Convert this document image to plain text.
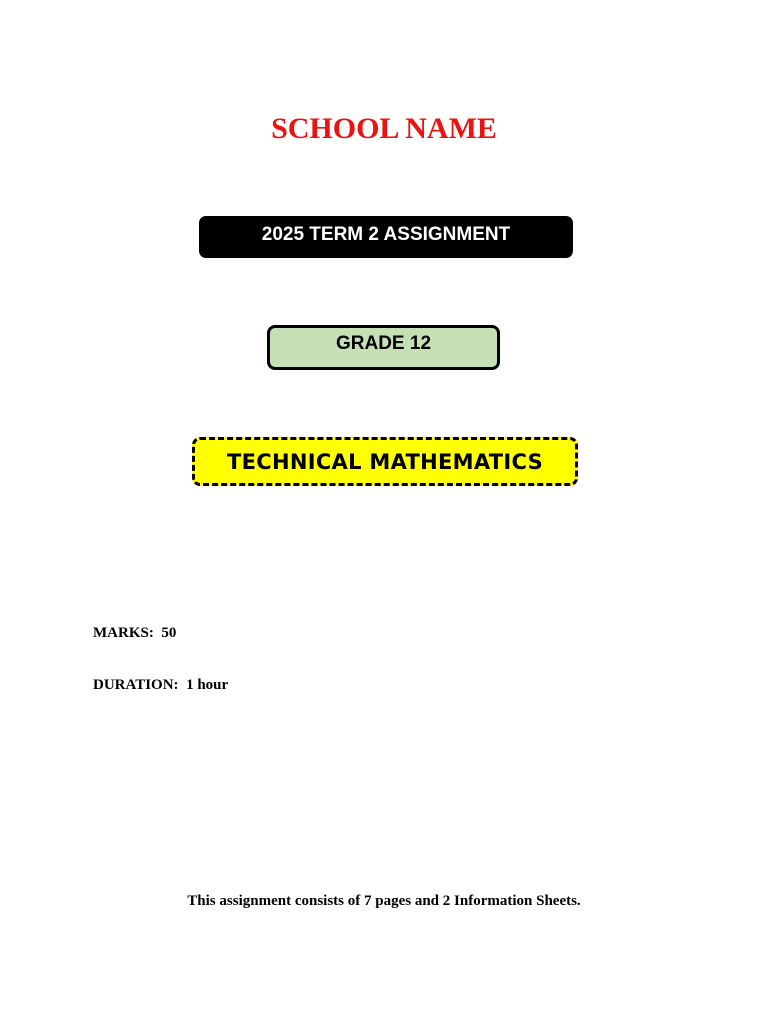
SCHOOL NAME
2025 TERM 2 ASSIGNMENT
GRADE 12
TECHNICAL MATHEMATICS
MARKS: 50
DURATION: 1 hour
This assignment consists of 7 pages and 2 Information Sheets.
